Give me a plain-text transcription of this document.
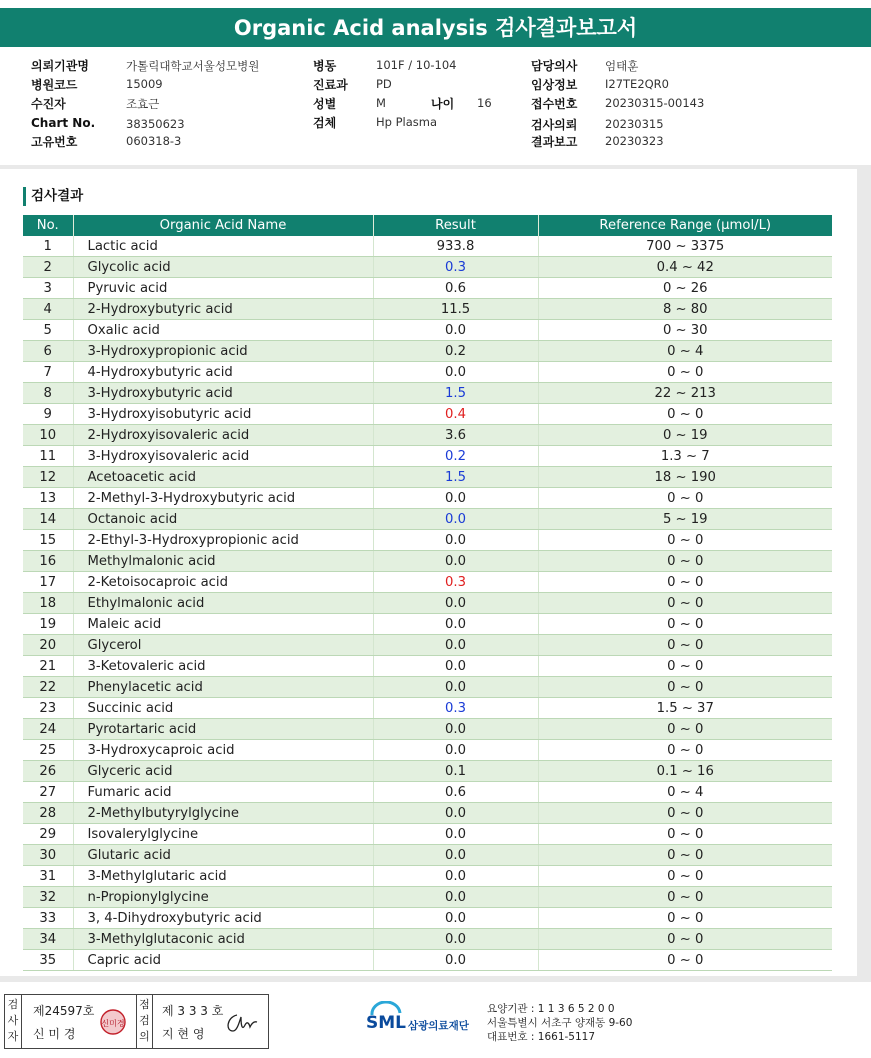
Organic Acid analysis 검사결과보고서
의뢰기관명	가톨릭대학교서울성모병원
병원코드	15009
수진자	조효근
Chart No.	38350623
고유번호	060318-3
병동	101F / 10-104
진료과 PD
성별	M	나이 16
검체	Hp Plasma
담당의사 엄태훈
임상정보 I27TE2QR0
접수번호 20230315-00143
검사의뢰 20230315
결과보고 20230323
검사결과
No.	Organic Acid Name	Result	Reference Range (µmol/L)
1	Lactic acid	933.8	700 ~ 3375
2	Glycolic acid	0.3	0.4 ~ 42
3	Pyruvic acid	0.6	0 ~ 26
4	2-Hydroxybutyric acid	11.5	8 ~ 80
5	Oxalic acid	0.0	0 ~ 30
6	3-Hydroxypropionic acid	0.2	0 ~ 4
7	4-Hydroxybutyric acid	0.0	0 ~ 0
8	3-Hydroxybutyric acid	1.5	22 ~ 213
9	3-Hydroxyisobutyric acid	0.4	0 ~ 0
10	2-Hydroxyisovaleric acid	3.6	0 ~ 19
11	3-Hydroxyisovaleric acid	0.2	1.3 ~ 7
12	Acetoacetic acid	1.5	18 ~ 190
13	2-Methyl-3-Hydroxybutyric acid	0.0	0 ~ 0
14	Octanoic acid	0.0	5 ~ 19
15	2-Ethyl-3-Hydroxypropionic acid	0.0	0 ~ 0
16	Methylmalonic acid	0.0	0 ~ 0
17	2-Ketoisocaproic acid	0.3	0 ~ 0
18	Ethylmalonic acid	0.0	0 ~ 0
19	Maleic acid	0.0	0 ~ 0
20	Glycerol	0.0	0 ~ 0
21	3-Ketovaleric acid	0.0	0 ~ 0
22	Phenylacetic acid	0.0	0 ~ 0
23	Succinic acid	0.3	1.5 ~ 37
24	Pyrotartaric acid	0.0	0 ~ 0
25	3-Hydroxycaproic acid	0.0	0 ~ 0
26	Glyceric acid	0.1	0.1 ~ 16
27	Fumaric acid	0.6	0 ~ 4
28	2-Methylbutyrylglycine	0.0	0 ~ 0
29	Isovalerylglycine	0.0	0 ~ 0
30	Glutaric acid	0.0	0 ~ 0
31	3-Methylglutaric acid	0.0	0 ~ 0
32	n-Propionylglycine	0.0	0 ~ 0
33	3, 4-Dihydroxybutyric acid	0.0	0 ~ 0
34	3-Methylglutaconic acid	0.0	0 ~ 0
35	Capric acid	0.0	0 ~ 0
검사자
제24597호
신 미 경
신미경
점검의
제 3 3 3 호
지 현 영
SML 삼광의료재단
요양기관 : 1 1 3 6 5 2 0 0
서울특별시 서초구 양재동 9-60
대표번호 : 1661-5117
